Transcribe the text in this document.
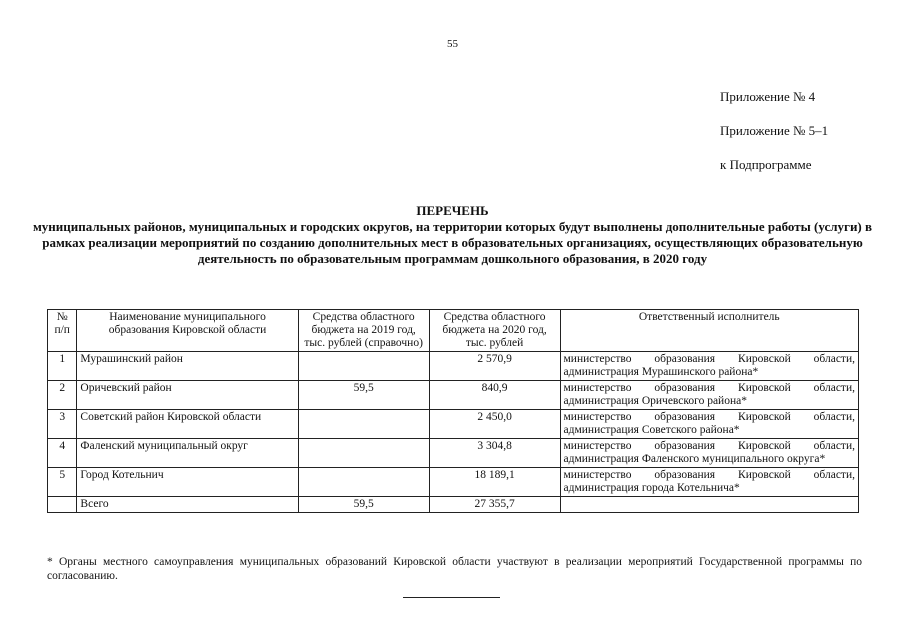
55
Приложение № 4
Приложение № 5–1
к Подпрограмме
ПЕРЕЧЕНЬ
муниципальных районов, муниципальных и городских округов, на территории которых будут выполнены дополнительные работы (услуги) в рамках реализации мероприятий по созданию дополнительных мест в образовательных организациях, осуществляющих образовательную деятельность по образовательным программам дошкольного образования, в 2020 году
№ п/п	Наименование муниципального образования Кировской области	Средства областного бюджета на 2019 год, тыс. рублей (справочно)	Средства областного бюджета на 2020 год, тыс. рублей	Ответственный исполнитель
1	Мурашинский район		2 570,9	министерство образования Кировской области, администрация Мурашинского района*
2	Оричевский район	59,5	840,9	министерство образования Кировской области, администрация Оричевского района*
3	Советский район Кировской области		2 450,0	министерство образования Кировской области, администрация Советского района*
4	Фаленский муниципальный округ		3 304,8	министерство образования Кировской области, администрация Фаленского муниципального округа*
5	Город Котельнич		18 189,1	министерство образования Кировской области, администрация города Котельнича*
	Всего	59,5	27 355,7	
* Органы местного самоуправления муниципальных образований Кировской области участвуют в реализации мероприятий Государственной программы по согласованию.
